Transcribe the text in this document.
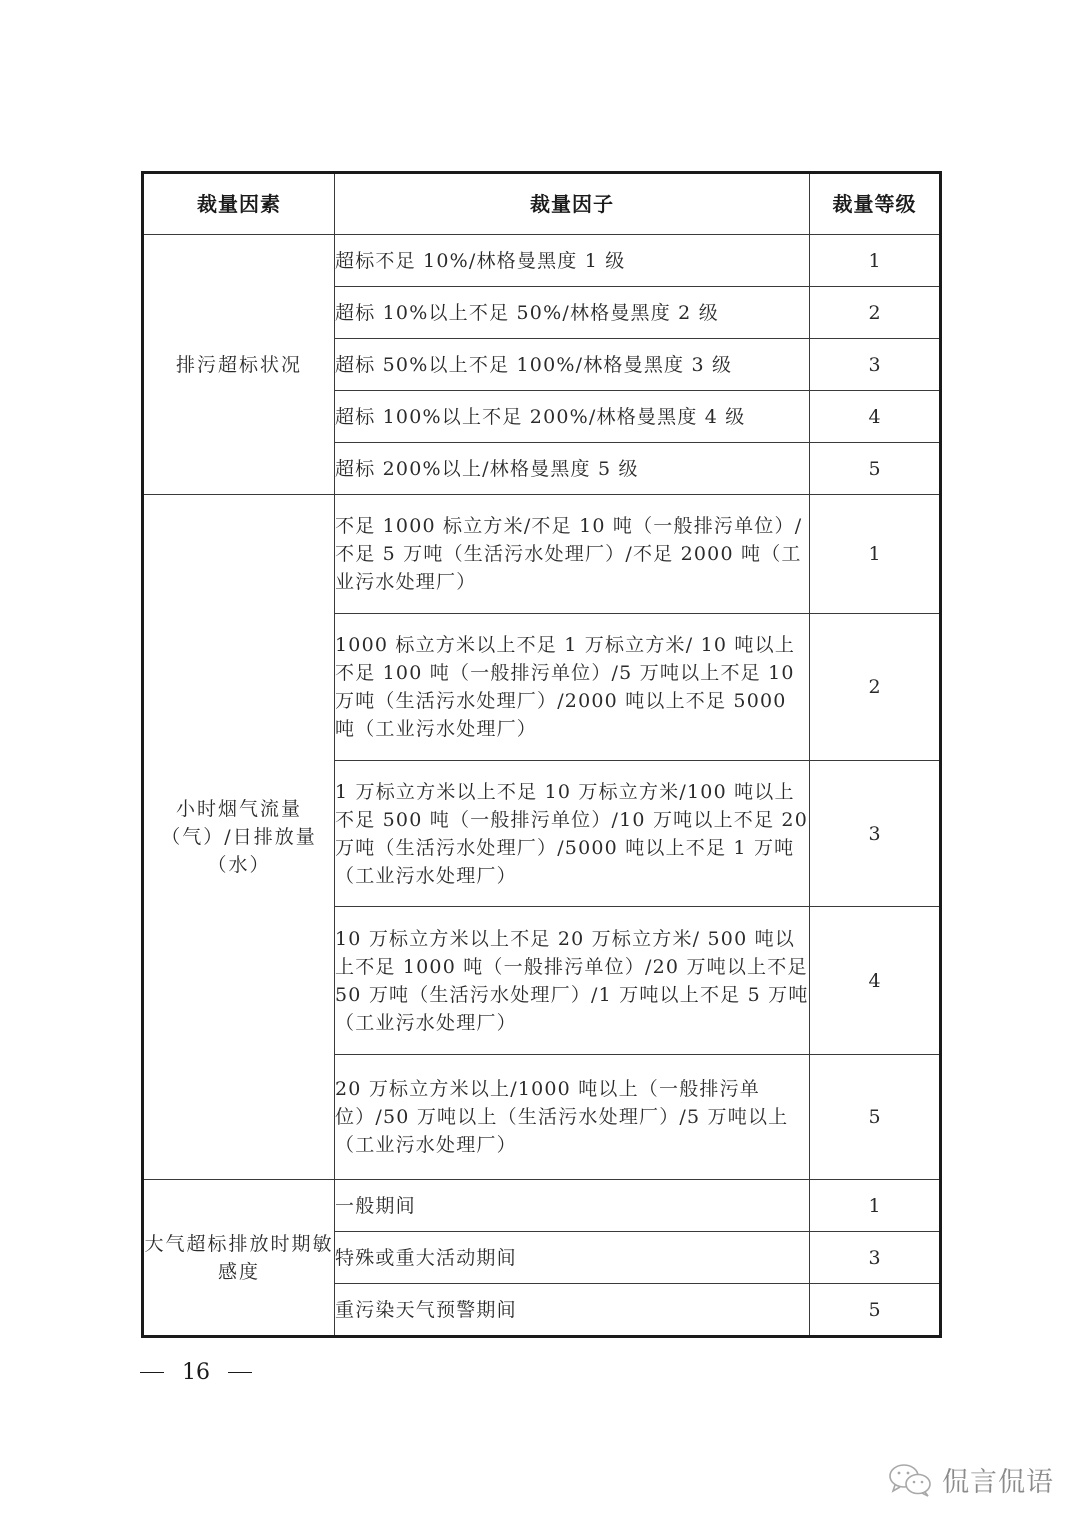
裁量因素	裁量因子	裁量等级
排污超标状况	超标不足 10%/林格曼黑度 1 级	1
	超标 10%以上不足 50%/林格曼黑度 2 级	2
	超标 50%以上不足 100%/林格曼黑度 3 级	3
	超标 100%以上不足 200%/林格曼黑度 4 级	4
	超标 200%以上/林格曼黑度 5 级	5
小时烟气流量（气）/日排放量（水）	不足 1000 标立方米/不足 10 吨（一般排污单位）/不足 5 万吨（生活污水处理厂）/不足 2000 吨（工业污水处理厂）	1
	1000 标立方米以上不足 1 万标立方米/ 10 吨以上不足 100 吨（一般排污单位）/5 万吨以上不足 10 万吨（生活污水处理厂）/2000 吨以上不足 5000 吨（工业污水处理厂）	2
	1 万标立方米以上不足 10 万标立方米/100 吨以上不足 500 吨（一般排污单位）/10 万吨以上不足 20 万吨（生活污水处理厂）/5000 吨以上不足 1 万吨（工业污水处理厂）	3
	10 万标立方米以上不足 20 万标立方米/ 500 吨以上不足 1000 吨（一般排污单位）/20 万吨以上不足 50 万吨（生活污水处理厂）/1 万吨以上不足 5 万吨（工业污水处理厂）	4
	20 万标立方米以上/1000 吨以上（一般排污单位）/50 万吨以上（生活污水处理厂）/5 万吨以上（工业污水处理厂）	5
大气超标排放时期敏感度	一般期间	1
	特殊或重大活动期间	3
	重污染天气预警期间	5
16
侃言侃语
